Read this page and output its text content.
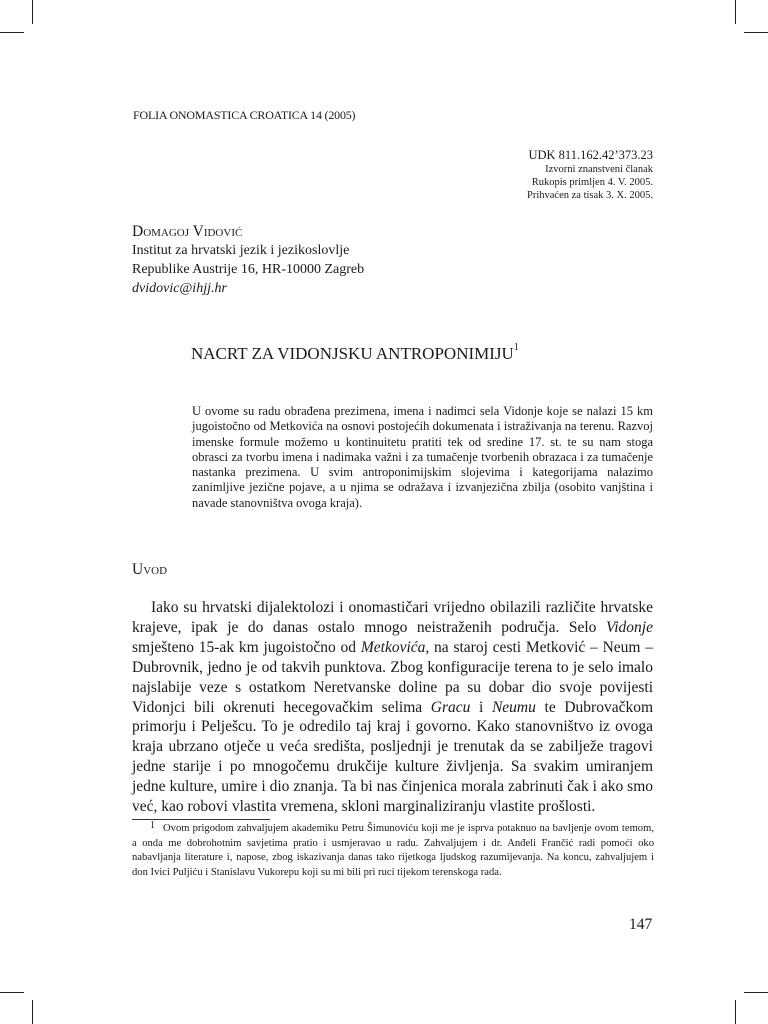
FOLIA ONOMASTICA CROATICA 14 (2005)
UDK 811.162.42’373.23
Izvorni znanstveni članak
Rukopis primljen 4. V. 2005.
Prihvaćen za tisak 3. X. 2005.
Domagoj Vidović
Institut za hrvatski jezik i jezikoslovlje
Republike Austrije 16, HR-10000 Zagreb
dvidovic@ihjj.hr
NACRT ZA VIDONJSKU ANTROPONIMIJU$^1$
U ovome su radu obrađena prezimena, imena i nadimci sela Vidonje koje se nalazi 15 km jugoistočno od Metkovića na osnovi postojećih dokumenata i istraživanja na terenu. Razvoj imenske formule možemo u kontinuitetu pratiti tek od sredine 17. st. te su nam stoga obrasci za tvorbu imena i nadimaka važni i za tumačenje tvorbenih obrazaca i za tumačenje nastanka prezimena. U svim antroponimijskim slojevima i kategorijama nalazimo zanimljive jezične pojave, a u njima se odražava i izvanjezična zbilja (osobito vanjština i navade stanovništva ovoga kraja).
Uvod
Iako su hrvatski dijalektolozi i onomastičari vrijedno obilazili različite hrvatske krajeve, ipak je do danas ostalo mnogo neistraženih područja. Selo Vidonje smješteno 15-ak km jugoistočno od Metkovića, na staroj cesti Metković – Neum – Dubrovnik, jedno je od takvih punktova. Zbog konfiguracije terena to je selo imalo najslabije veze s ostatkom Neretvanske doline pa su dobar dio svoje povijesti Vidonjci bili okrenuti hecegovačkim selima Gracu i Neumu te Dubrovačkom primorju i Pelješcu. To je odredilo taj kraj i govorno. Kako stanovništvo iz ovoga kraja ubrzano otječe u veća središta, posljednji je trenutak da se zabilježe tragovi jedne starije i po mnogočemu drukčije kulture življenja. Sa svakim umiranjem jedne kulture, umire i dio znanja. Ta bi nas činjenica morala zabrinuti čak i ako smo već, kao robovi vlastita vremena, skloni marginaliziranju vlastite prošlosti.
1 Ovom prigodom zahvaljujem akademiku Petru Šimunoviću koji me je isprva potaknuo na bavljenje ovom temom, a onda me dobrohotnim savjetima pratio i usmjeravao u radu. Zahvaljujem i dr. Anđeli Frančić radi pomoći oko nabavljanja literature i, napose, zbog iskazivanja danas tako rijetkoga ljudskog razumijevanja. Na koncu, zahvaljujem i don Ivici Puljiću i Stanislavu Vukorepu koji su mi bili pri ruci tijekom terenskoga rada.
147
